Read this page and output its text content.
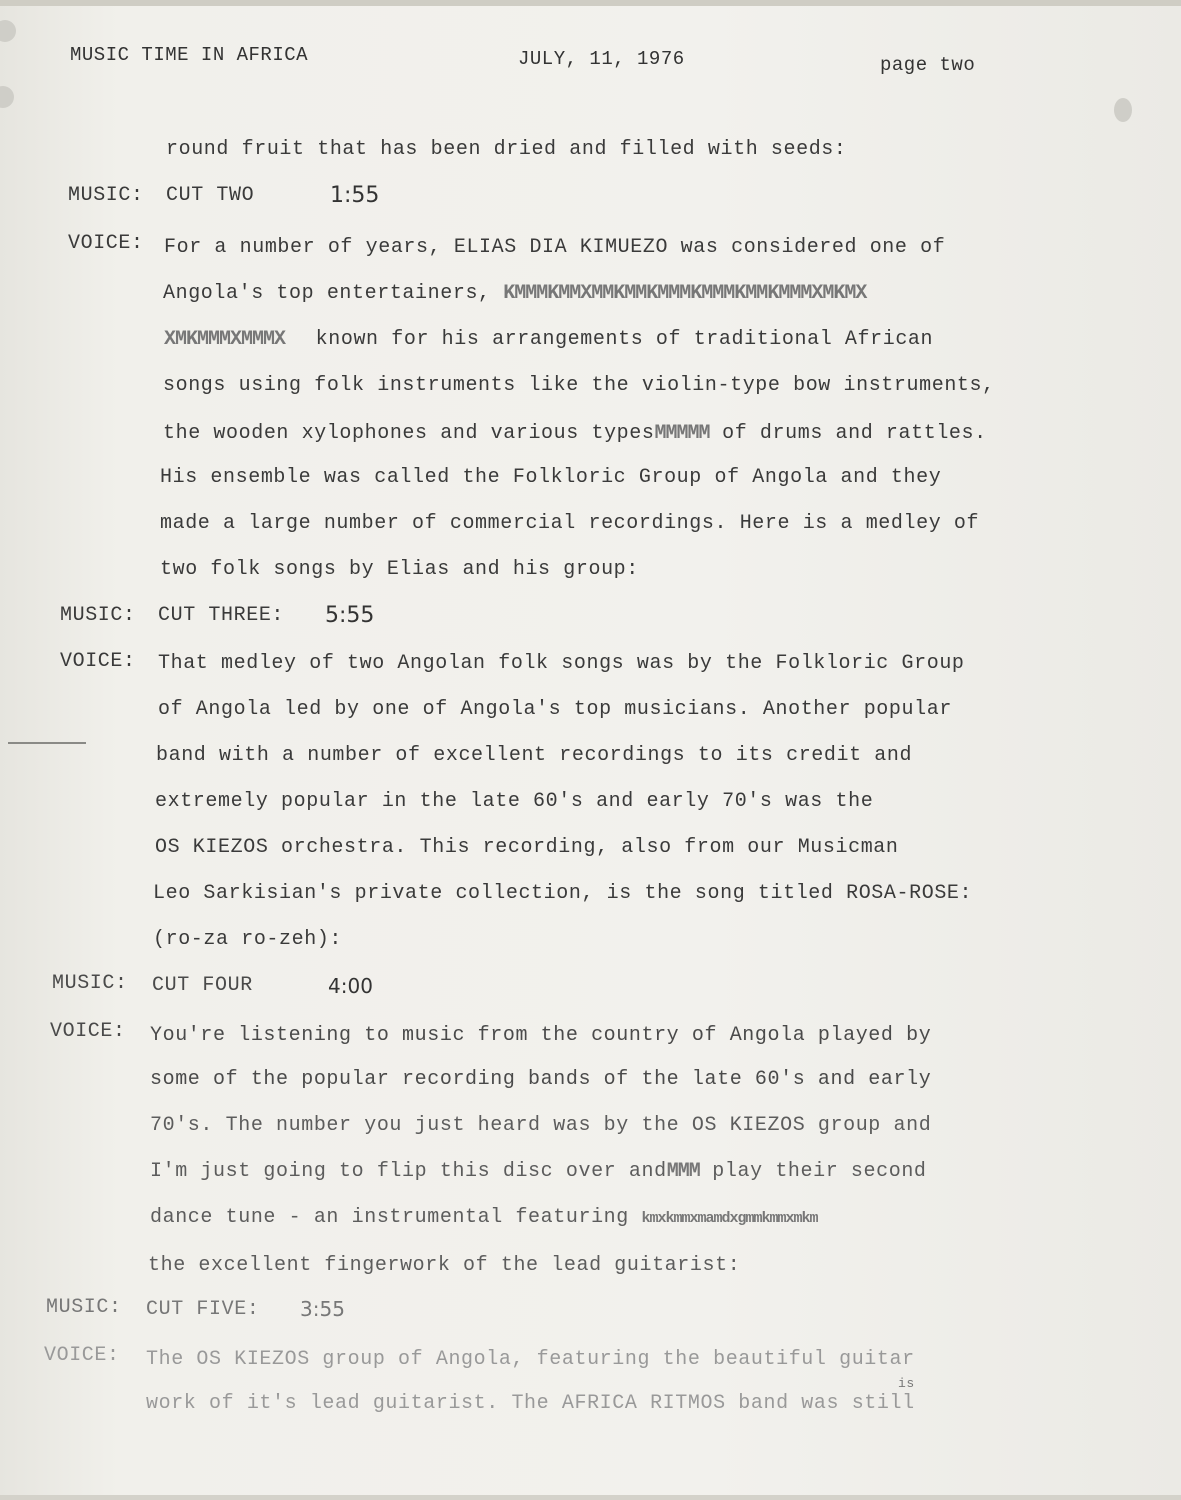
MUSIC TIME IN AFRICA	JULY, 11, 1976	page two
round fruit that has been dried and filled with seeds:
MUSIC: CUT TWO	1:55
VOICE: For a number of years, ELIAS DIA KIMUEZO was considered one of
Angola's top entertainers, KMMMKMMXMMKMMKMMMKMMMKMMKMMMXMKMX
XMKMMMXMMMX known for his arrangements of traditional African
songs using folk instruments like the violin-type bow instruments,
the wooden xylophones and various typesMMMMM of drums and rattles.
His ensemble was called the Folkloric Group of Angola and they
made a large number of commercial recordings. Here is a medley of
two folk songs by Elias and his group:
MUSIC: CUT THREE: 5:55
VOICE: That medley of two Angolan folk songs was by the Folkloric Group
of Angola led by one of Angola's top musicians. Another popular
band with a number of excellent recordings to its credit and
extremely popular in the late 60's and early 70's was the
OS KIEZOS orchestra. This recording, also from our Musicman
Leo Sarkisian's private collection, is the song titled ROSA-ROSE:
(ro-za ro-zeh):
MUSIC: CUT FOUR	4:00
VOICE: You're listening to music from the country of Angola played by
some of the popular recording bands of the late 60's and early
70's. The number you just heard was by the OS KIEZOS group and
I'm just going to flip this disc over andMMM play their second
dance tune - an instrumental featuring kmxkmmxmamdxgmmkmmxmkm
the excellent fingerwork of the lead guitarist:
MUSIC: CUT FIVE: 3:55
VOICE: The OS KIEZOS group of Angola, featuring the beautiful guitar
work of it's lead guitarist. The AFRICA RITMOS band was still
is
